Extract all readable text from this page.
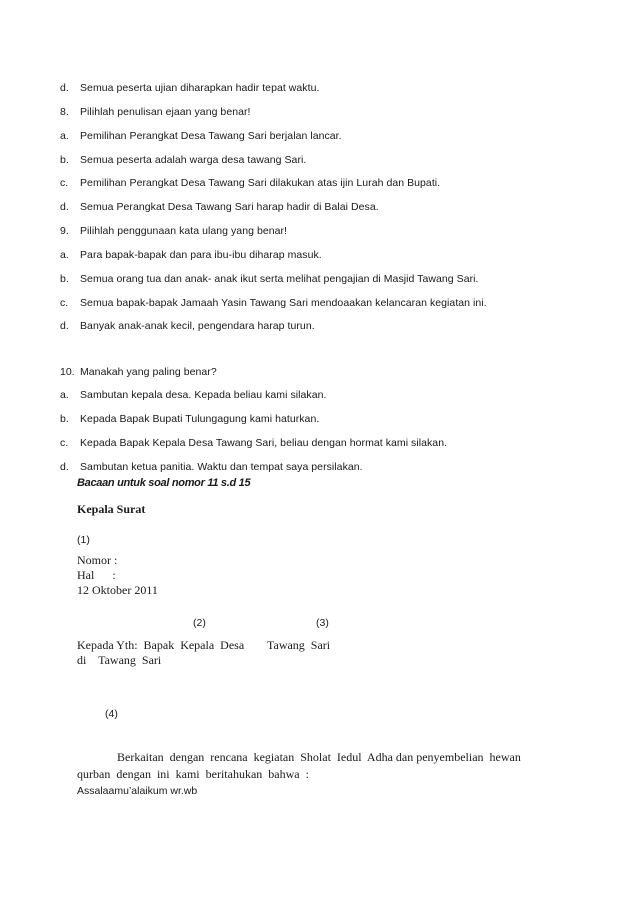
d. Semua peserta ujian diharapkan hadir tepat waktu.
8. Pilihlah penulisan ejaan yang benar!
a. Pemilihan Perangkat Desa Tawang Sari berjalan lancar.
b. Semua peserta adalah warga desa tawang Sari.
c. Pemilihan Perangkat Desa Tawang Sari dilakukan atas ijin Lurah dan Bupati.
d. Semua Perangkat Desa Tawang Sari harap hadir di Balai Desa.
9. Pilihlah penggunaan kata ulang yang benar!
a. Para bapak-bapak dan para ibu-ibu diharap masuk.
b. Semua orang tua dan anak- anak ikut serta melihat pengajian di Masjid Tawang Sari.
c. Semua bapak-bapak Jamaah Yasin Tawang Sari mendoaakan kelancaran kegiatan ini.
d. Banyak anak-anak kecil, pengendara harap turun.
10. Manakah yang paling benar?
a. Sambutan kepala desa. Kepada beliau kami silakan.
b. Kepada Bapak Bupati Tulungagung kami haturkan.
c. Kepada Bapak Kepala Desa Tawang Sari, beliau dengan hormat kami silakan.
d. Sambutan ketua panitia. Waktu dan tempat saya persilakan.
Bacaan untuk soal nomor 11 s.d 15
Kepala Surat
(1)
Nomor :
Hal      :
12 Oktober 2011
(2)	(3)
Kepada Yth:  Bapak  Kepala  Desa Tawang  Sari
di    Tawang  Sari
(4)
Berkaitan  dengan  rencana  kegiatan  Sholat  Iedul  Adha dan penyembelian  hewan
qurban  dengan  ini  kami  beritahukan  bahwa  :
Assalaamu’alaikum wr.wb
